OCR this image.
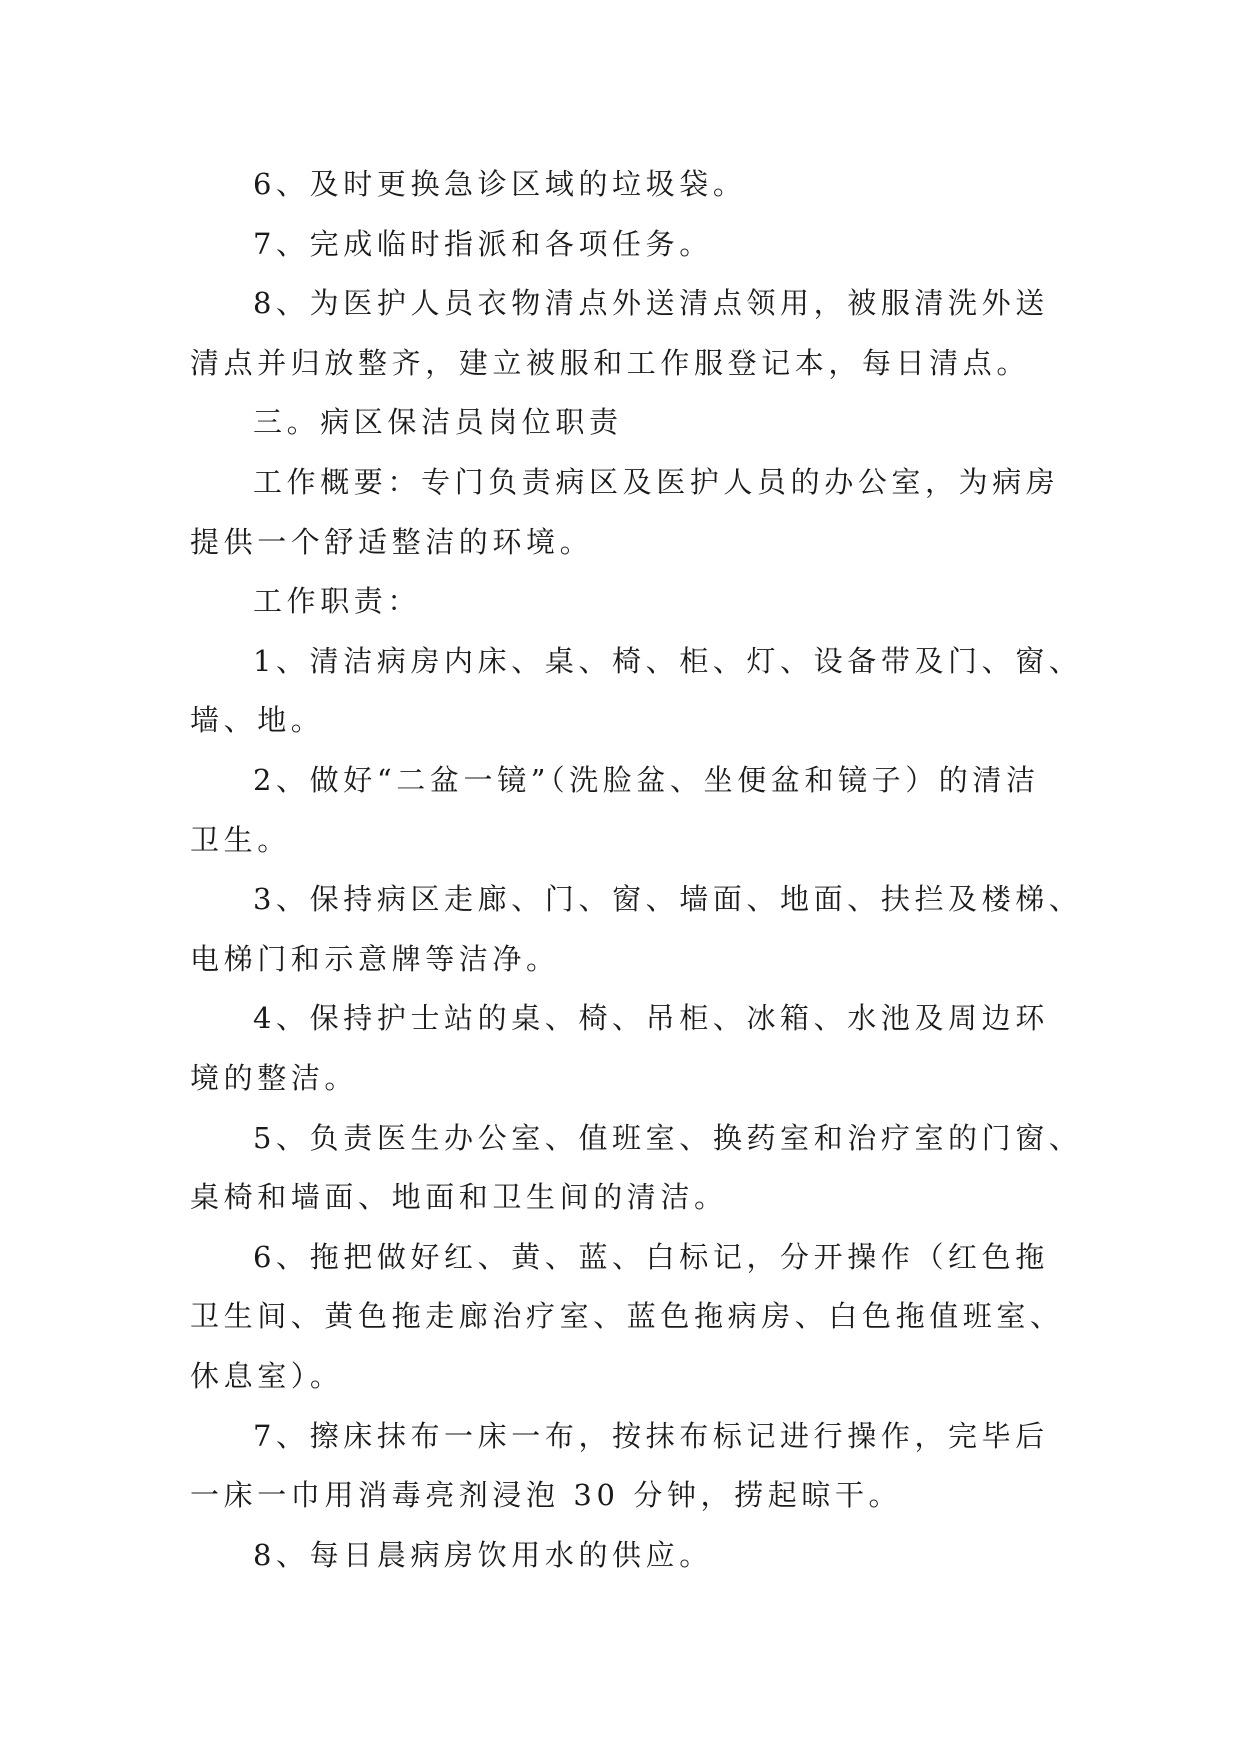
6、及时更换急诊区域的垃圾袋。

7、完成临时指派和各项任务。

8、为医护人员衣物清点外送清点领用，被服清洗外送

清点并归放整齐，建立被服和工作服登记本，每日清点。

三。病区保洁员岗位职责

工作概要：专门负责病区及医护人员的办公室，为病房

提供一个舒适整洁的环境。

工作职责：

1、清洁病房内床、桌、椅、柜、灯、设备带及门、窗、

墙、地。

2、做好“二盆一镜”（洗脸盆、坐便盆和镜子）的清洁

卫生。

3、保持病区走廊、门、窗、墙面、地面、扶拦及楼梯、

电梯门和示意牌等洁净。

4、保持护士站的桌、椅、吊柜、冰箱、水池及周边环

境的整洁。

5、负责医生办公室、值班室、换药室和治疗室的门窗、

桌椅和墙面、地面和卫生间的清洁。

6、拖把做好红、黄、蓝、白标记，分开操作（红色拖

卫生间、黄色拖走廊治疗室、蓝色拖病房、白色拖值班室、

休息室）。

7、擦床抹布一床一布，按抹布标记进行操作，完毕后

一床一巾用消毒亮剂浸泡 30 分钟，捞起晾干。

8、每日晨病房饮用水的供应。
